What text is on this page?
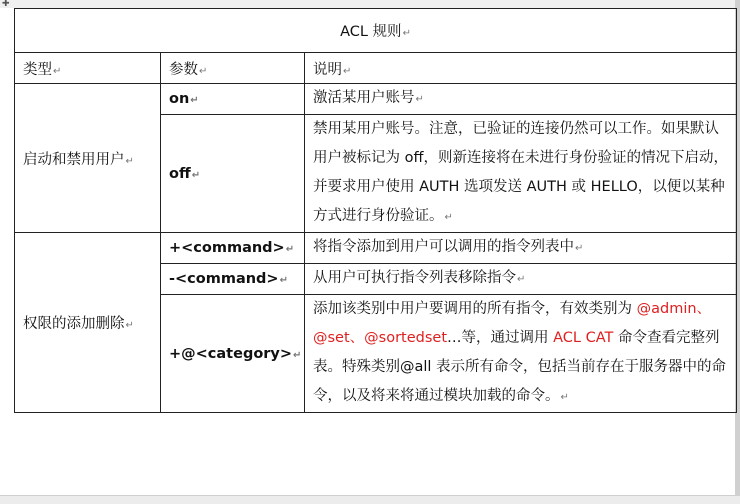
✚
ACL 规则↵		
类型↵	参数↵	说明↵
启动和禁用用户↵	on↵	激活某用户账号↵
	off↵	禁用某用户账号。注意，已验证的连接仍然可以工作。如果默认用户被标记为 off，则新连接将在未进行身份验证的情况下启动，并要求用户使用 AUTH 选项发送 AUTH 或 HELLO，以便以某种方式进行身份验证。↵
权限的添加删除↵	+<command>↵	将指令添加到用户可以调用的指令列表中↵
	-<command>↵	从用户可执行指令列表移除指令↵
	+@<category>↵	添加该类别中用户要调用的所有指令，有效类别为 @admin、@set、@sortedset…等，通过调用 ACL CAT 命令查看完整列表。特殊类别@all 表示所有命令，包括当前存在于服务器中的命令，以及将来将通过模块加载的命令。↵
